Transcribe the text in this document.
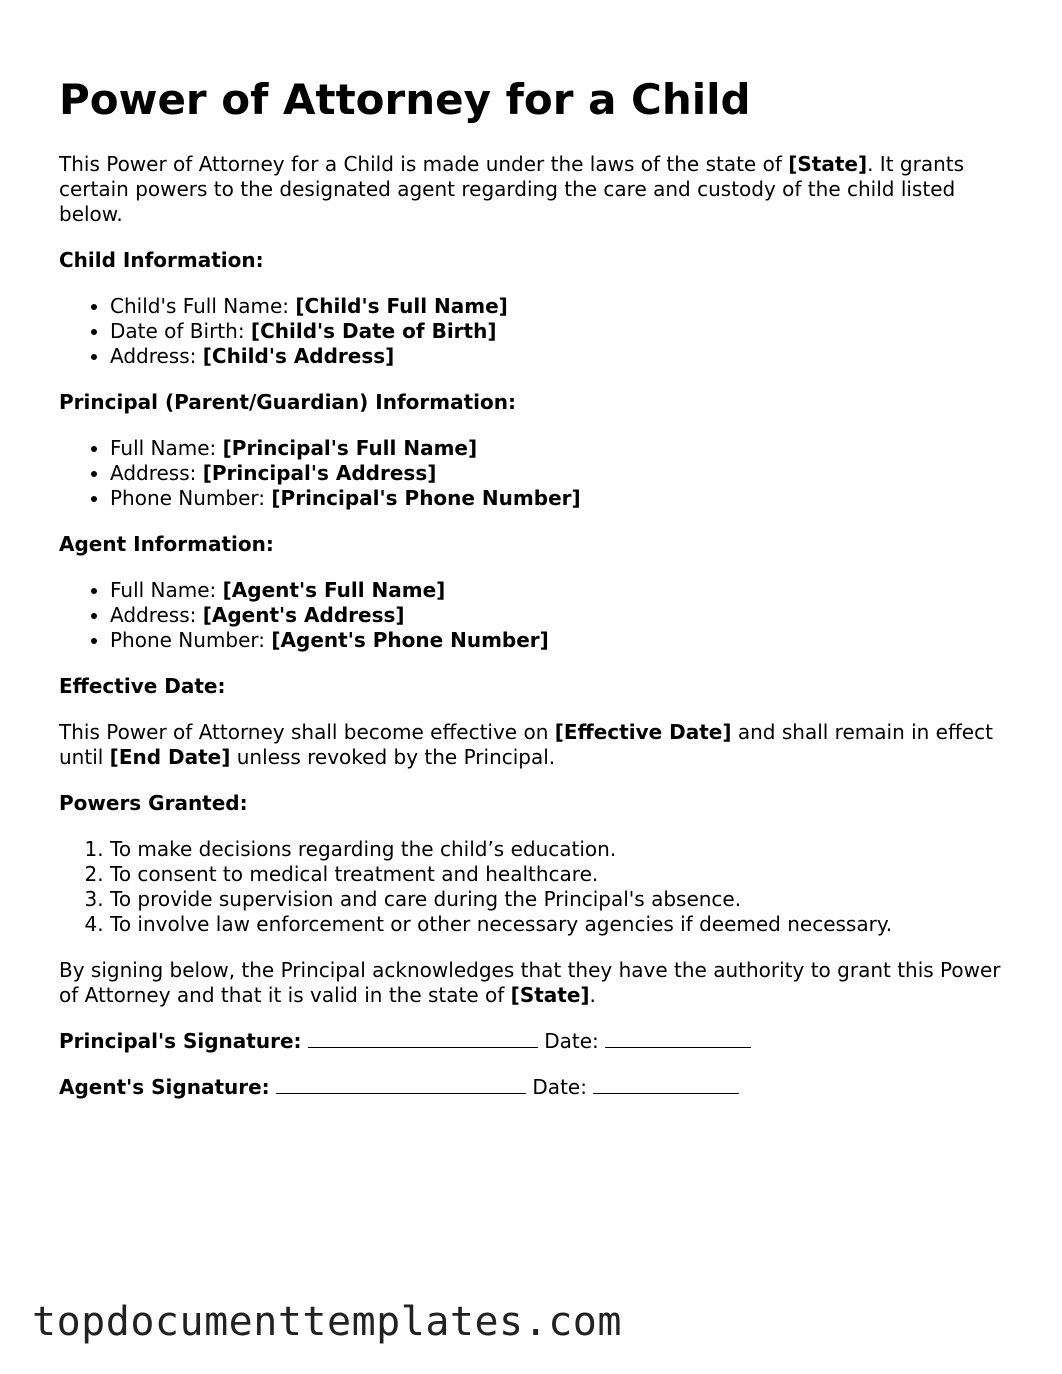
Power of Attorney for a Child

This Power of Attorney for a Child is made under the laws of the state of [State]. It grants certain powers to the designated agent regarding the care and custody of the child listed below.

Child Information:
• Child's Full Name: [Child's Full Name]
• Date of Birth: [Child's Date of Birth]
• Address: [Child's Address]
Principal (Parent/Guardian) Information:
• Full Name: [Principal's Full Name]
• Address: [Principal's Address]
• Phone Number: [Principal's Phone Number]
Agent Information:
• Full Name: [Agent's Full Name]
• Address: [Agent's Address]
• Phone Number: [Agent's Phone Number]
Effective Date:

This Power of Attorney shall become effective on [Effective Date] and shall remain in effect until [End Date] unless revoked by the Principal.

Powers Granted:
1. To make decisions regarding the child’s education.
2. To consent to medical treatment and healthcare.
3. To provide supervision and care during the Principal's absence.
4. To involve law enforcement or other necessary agencies if deemed necessary.

By signing below, the Principal acknowledges that they have the authority to grant this Power of Attorney and that it is valid in the state of [State].

Principal's Signature:	Date:
Agent's Signature:	Date:
topdocumenttemplates.com
